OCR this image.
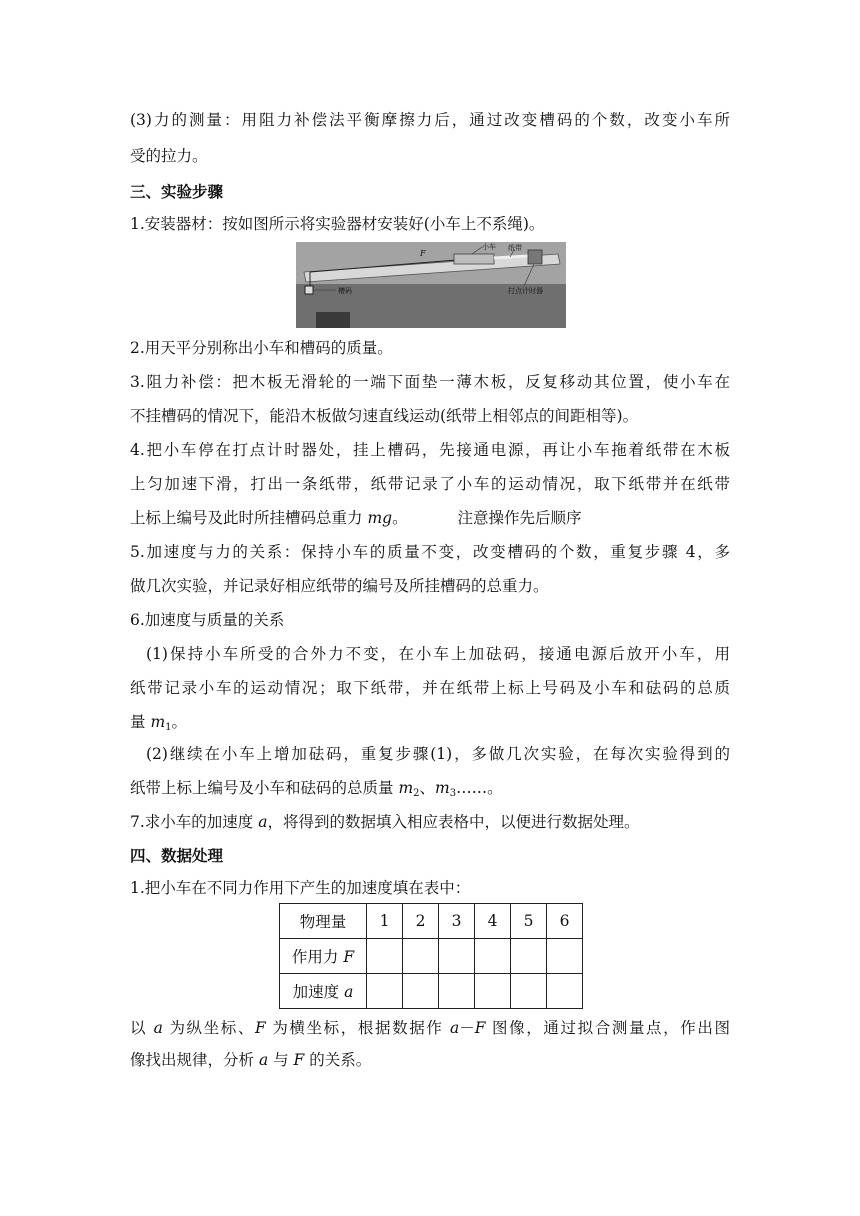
(3)力的测量：用阻力补偿法平衡摩擦力后，通过改变槽码的个数，改变小车所
受的拉力。
三、实验步骤
1.安装器材：按如图所示将实验器材安装好(小车上不系绳)。
F
小车 纸带
槽码	打点计时器
2.用天平分别称出小车和槽码的质量。
3.阻力补偿：把木板无滑轮的一端下面垫一薄木板，反复移动其位置，使小车在
不挂槽码的情况下，能沿木板做匀速直线运动(纸带上相邻点的间距相等)。
4.把小车停在打点计时器处，挂上槽码，先接通电源，再让小车拖着纸带在木板
上匀加速下滑，打出一条纸带，纸带记录了小车的运动情况，取下纸带并在纸带
上标上编号及此时所挂槽码总重力 mg。	注意操作先后顺序
5.加速度与力的关系：保持小车的质量不变，改变槽码的个数，重复步骤 4，多
做几次实验，并记录好相应纸带的编号及所挂槽码的总重力。
6.加速度与质量的关系
(1)保持小车所受的合外力不变，在小车上加砝码，接通电源后放开小车，用
纸带记录小车的运动情况；取下纸带，并在纸带上标上号码及小车和砝码的总质
量 $m_1$。
(2)继续在小车上增加砝码，重复步骤(1)，多做几次实验，在每次实验得到的
纸带上标上编号及小车和砝码的总质量 $m_2$、$m_3\dots\dots$。
7.求小车的加速度 a，将得到的数据填入相应表格中，以便进行数据处理。
四、数据处理
1.把小车在不同力作用下产生的加速度填在表中：
物理量	1	2	3	4	5	6
作用力 F						
加速度 a						
以 a 为纵坐标、F 为横坐标，根据数据作 a－F 图像，通过拟合测量点，作出图
像找出规律，分析 a 与 F 的关系。
